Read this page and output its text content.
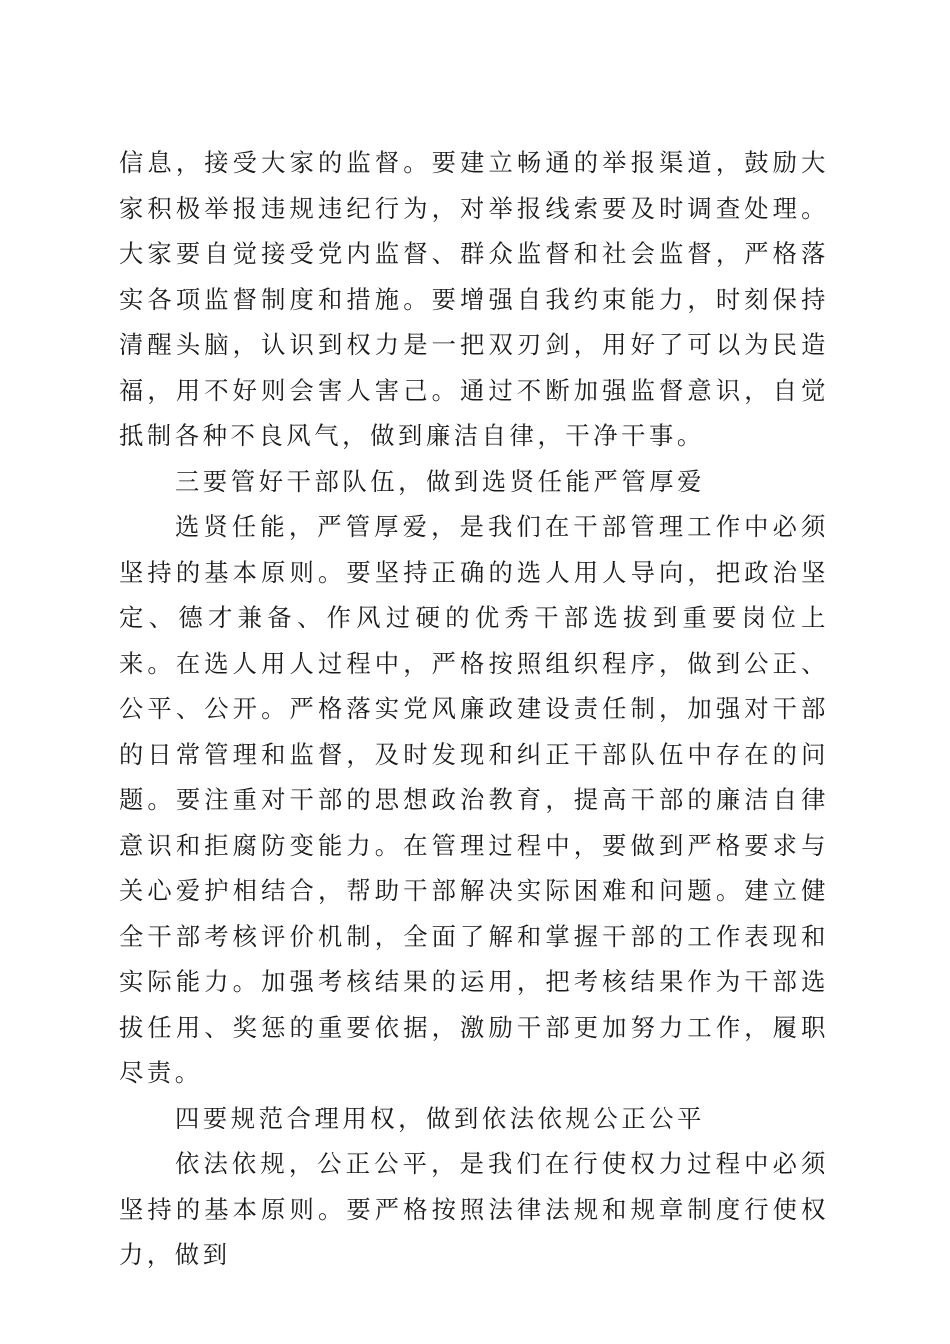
信息，接受大家的监督。要建立畅通的举报渠道，鼓励大家积极举报违规违纪行为，对举报线索要及时调查处理。大家要自觉接受党内监督、群众监督和社会监督，严格落实各项监督制度和措施。要增强自我约束能力，时刻保持清醒头脑，认识到权力是一把双刃剑，用好了可以为民造福，用不好则会害人害己。通过不断加强监督意识，自觉抵制各种不良风气，做到廉洁自律，干净干事。

三要管好干部队伍，做到选贤任能严管厚爱

选贤任能，严管厚爱，是我们在干部管理工作中必须坚持的基本原则。要坚持正确的选人用人导向，把政治坚定、德才兼备、作风过硬的优秀干部选拔到重要岗位上来。在选人用人过程中，严格按照组织程序，做到公正、公平、公开。严格落实党风廉政建设责任制，加强对干部的日常管理和监督，及时发现和纠正干部队伍中存在的问题。要注重对干部的思想政治教育，提高干部的廉洁自律意识和拒腐防变能力。在管理过程中，要做到严格要求与关心爱护相结合，帮助干部解决实际困难和问题。建立健全干部考核评价机制，全面了解和掌握干部的工作表现和实际能力。加强考核结果的运用，把考核结果作为干部选拔任用、奖惩的重要依据，激励干部更加努力工作，履职尽责。

四要规范合理用权，做到依法依规公正公平

依法依规，公正公平，是我们在行使权力过程中必须坚持的基本原则。要严格按照法律法规和规章制度行使权力，做到
